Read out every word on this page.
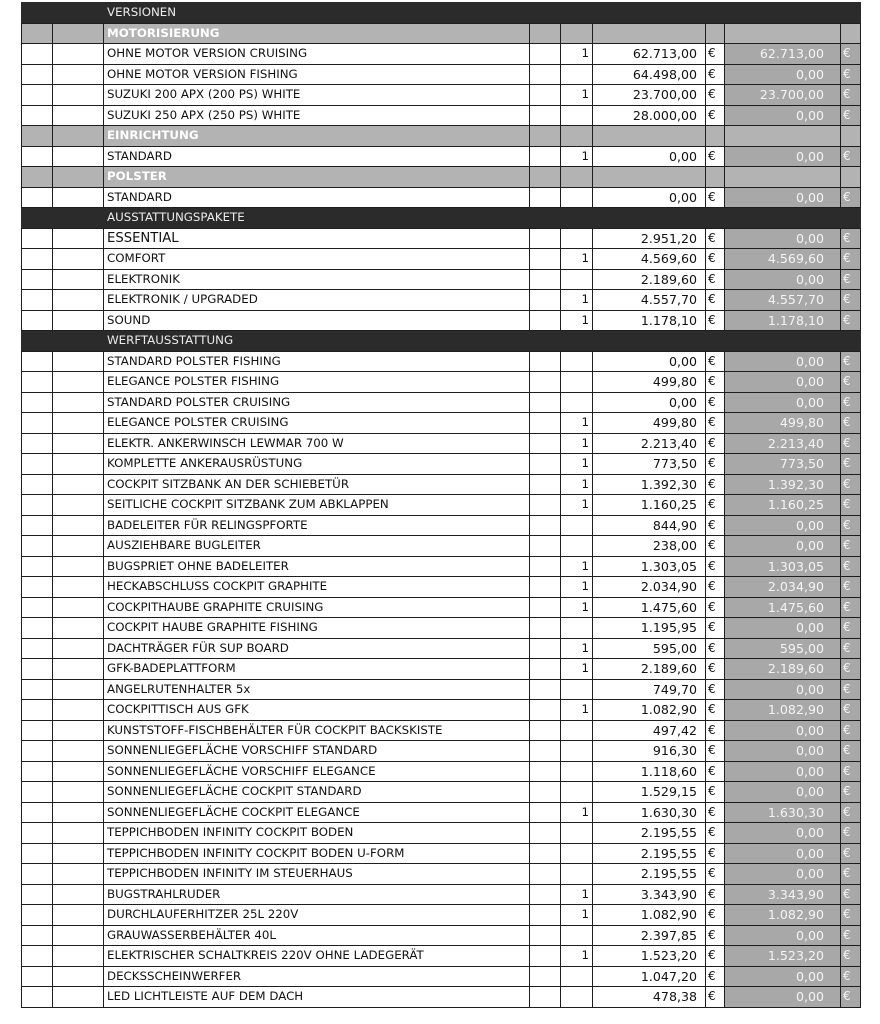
		VERSIONEN						
		MOTORISIERUNG						
		OHNE MOTOR VERSION CRUISING		1	62.713,00	€	62.713,00	€
		OHNE MOTOR VERSION FISHING			64.498,00	€	0,00	€
		SUZUKI 200 APX (200 PS) WHITE		1	23.700,00	€	23.700,00	€
		SUZUKI 250 APX (250 PS) WHITE			28.000,00	€	0,00	€
		EINRICHTUNG						
		STANDARD		1	0,00	€	0,00	€
		POLSTER						
		STANDARD			0,00	€	0,00	€
		AUSSTATTUNGSPAKETE						
		ESSENTIAL			2.951,20	€	0,00	€
		COMFORT		1	4.569,60	€	4.569,60	€
		ELEKTRONIK			2.189,60	€	0,00	€
		ELEKTRONIK / UPGRADED		1	4.557,70	€	4.557,70	€
		SOUND		1	1.178,10	€	1.178,10	€
		WERFTAUSSTATTUNG						
		STANDARD POLSTER FISHING			0,00	€	0,00	€
		ELEGANCE POLSTER FISHING			499,80	€	0,00	€
		STANDARD POLSTER CRUISING			0,00	€	0,00	€
		ELEGANCE POLSTER CRUISING		1	499,80	€	499,80	€
		ELEKTR. ANKERWINSCH LEWMAR 700 W		1	2.213,40	€	2.213,40	€
		KOMPLETTE ANKERAUSRÜSTUNG		1	773,50	€	773,50	€
		COCKPIT SITZBANK AN DER SCHIEBETÜR		1	1.392,30	€	1.392,30	€
		SEITLICHE COCKPIT SITZBANK ZUM ABKLAPPEN		1	1.160,25	€	1.160,25	€
		BADELEITER FÜR RELINGSPFORTE			844,90	€	0,00	€
		AUSZIEHBARE BUGLEITER			238,00	€	0,00	€
		BUGSPRIET OHNE BADELEITER		1	1.303,05	€	1.303,05	€
		HECKABSCHLUSS COCKPIT GRAPHITE		1	2.034,90	€	2.034,90	€
		COCKPITHAUBE GRAPHITE CRUISING		1	1.475,60	€	1.475,60	€
		COCKPIT HAUBE GRAPHITE FISHING			1.195,95	€	0,00	€
		DACHTRÄGER FÜR SUP BOARD		1	595,00	€	595,00	€
		GFK-BADEPLATTFORM		1	2.189,60	€	2.189,60	€
		ANGELRUTENHALTER 5x			749,70	€	0,00	€
		COCKPITTISCH AUS GFK		1	1.082,90	€	1.082,90	€
		KUNSTSTOFF-FISCHBEHÄLTER FÜR COCKPIT BACKSKISTE			497,42	€	0,00	€
		SONNENLIEGEFLÄCHE VORSCHIFF STANDARD			916,30	€	0,00	€
		SONNENLIEGEFLÄCHE VORSCHIFF ELEGANCE			1.118,60	€	0,00	€
		SONNENLIEGEFLÄCHE COCKPIT STANDARD			1.529,15	€	0,00	€
		SONNENLIEGEFLÄCHE COCKPIT ELEGANCE		1	1.630,30	€	1.630,30	€
		TEPPICHBODEN INFINITY COCKPIT BODEN			2.195,55	€	0,00	€
		TEPPICHBODEN INFINITY COCKPIT BODEN U-FORM			2.195,55	€	0,00	€
		TEPPICHBODEN INFINITY IM STEUERHAUS			2.195,55	€	0,00	€
		BUGSTRAHLRUDER		1	3.343,90	€	3.343,90	€
		DURCHLAUFERHITZER 25L 220V		1	1.082,90	€	1.082,90	€
		GRAUWASSERBEHÄLTER 40L			2.397,85	€	0,00	€
		ELEKTRISCHER SCHALTKREIS 220V OHNE LADEGERÄT		1	1.523,20	€	1.523,20	€
		DECKSSCHEINWERFER			1.047,20	€	0,00	€
		LED LICHTLEISTE AUF DEM DACH			478,38	€	0,00	€
